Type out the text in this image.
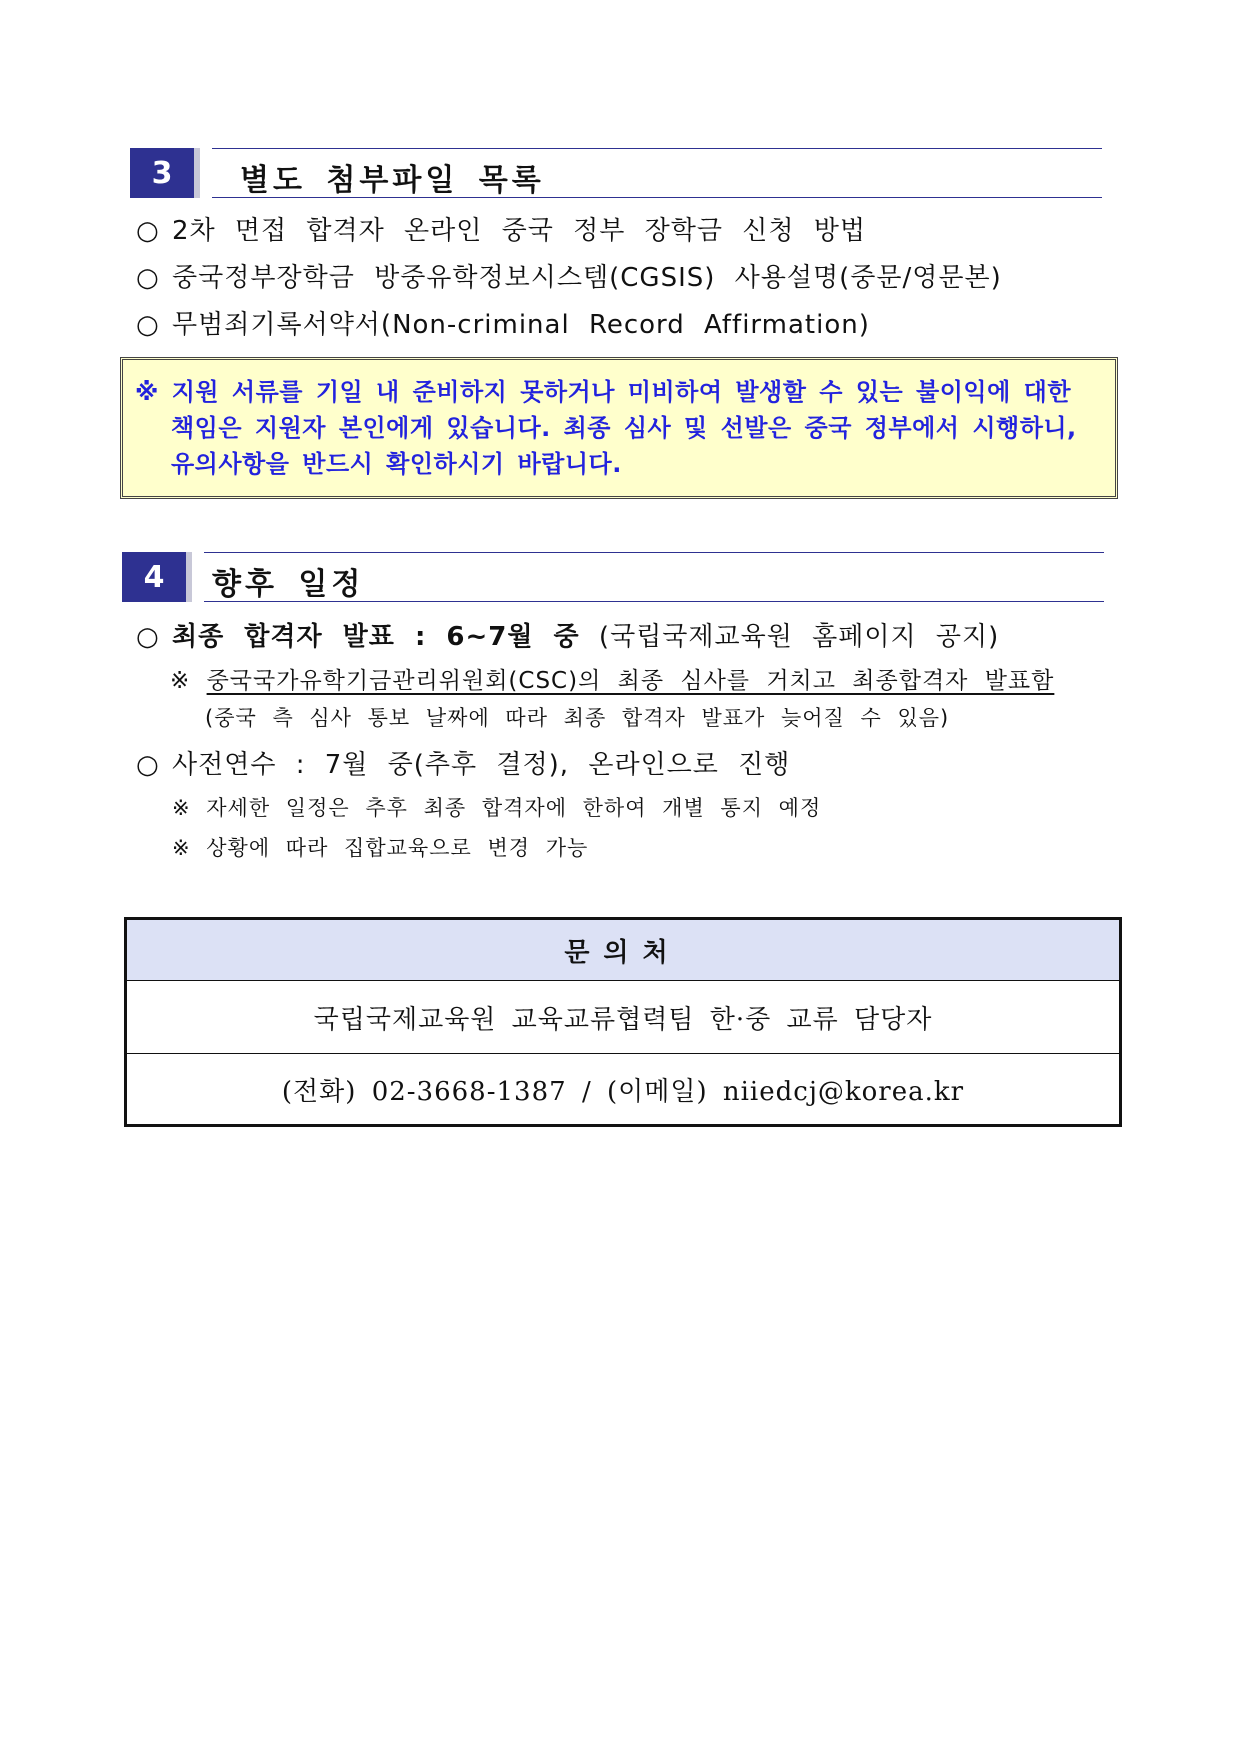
3	별도 첨부파일 목록
○ 2차 면접 합격자 온라인 중국 정부 장학금 신청 방법
○ 중국정부장학금 방중유학정보시스템(CGSIS) 사용설명(중문/영문본)
○ 무범죄기록서약서(Non-criminal Record Affirmation)
※ 지원 서류를 기일 내 준비하지 못하거나 미비하여 발생할 수 있는 불이익에 대한
책임은 지원자 본인에게 있습니다. 최종 심사 및 선발은 중국 정부에서 시행하니,
유의사항을 반드시 확인하시기 바랍니다.
4	향후 일정
○ 최종 합격자 발표 : 6~7월 중 (국립국제교육원 홈페이지 공지)
※ 중국국가유학기금관리위원회(CSC)의 최종 심사를 거치고 최종합격자 발표함
(중국 측 심사 통보 날짜에 따라 최종 합격자 발표가 늦어질 수 있음)
○ 사전연수 : 7월 중(추후 결정), 온라인으로 진행
※ 자세한 일정은 추후 최종 합격자에 한하여 개별 통지 예정
※ 상황에 따라 집합교육으로 변경 가능
문의처
국립국제교육원 교육교류협력팀 한·중 교류 담당자
(전화) 02-3668-1387 / (이메일) niiedcj@korea.kr
